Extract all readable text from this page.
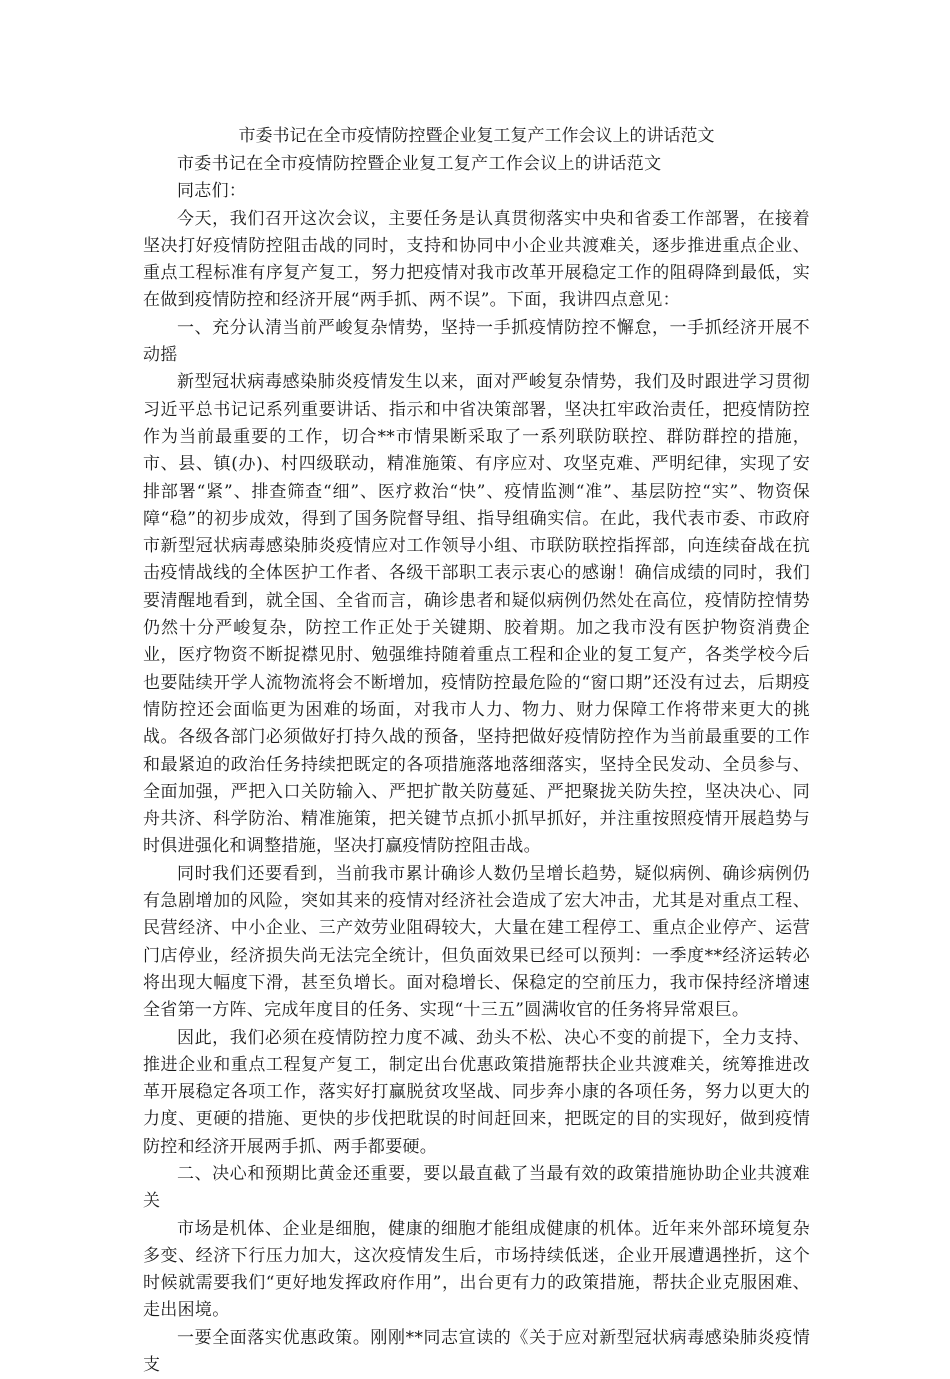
市委书记在全市疫情防控暨企业复工复产工作会议上的讲话范文

市委书记在全市疫情防控暨企业复工复产工作会议上的讲话范文

同志们：

今天，我们召开这次会议，主要任务是认真贯彻落实中央和省委工作部署，在接着坚决打好疫情防控阻击战的同时，支持和协同中小企业共渡难关，逐步推进重点企业、重点工程标准有序复产复工，努力把疫情对我市改革开展稳定工作的阻碍降到最低，实在做到疫情防控和经济开展“两手抓、两不误”。下面，我讲四点意见：

一、充分认清当前严峻复杂情势，坚持一手抓疫情防控不懈怠，一手抓经济开展不动摇

新型冠状病毒感染肺炎疫情发生以来，面对严峻复杂情势，我们及时跟进学习贯彻习近平总书记记系列重要讲话、指示和中省决策部署，坚决扛牢政治责任，把疫情防控作为当前最重要的工作，切合**市情果断采取了一系列联防联控、群防群控的措施，市、县、镇(办)、村四级联动，精准施策、有序应对、攻坚克难、严明纪律，实现了安排部署“紧”、排查筛查“细”、医疗救治“快”、疫情监测“准”、基层防控“实”、物资保障“稳”的初步成效，得到了国务院督导组、指导组确实信。在此，我代表市委、市政府市新型冠状病毒感染肺炎疫情应对工作领导小组、市联防联控指挥部，向连续奋战在抗击疫情战线的全体医护工作者、各级干部职工表示衷心的感谢！确信成绩的同时，我们要清醒地看到，就全国、全省而言，确诊患者和疑似病例仍然处在高位，疫情防控情势仍然十分严峻复杂，防控工作正处于关键期、胶着期。加之我市没有医护物资消费企业，医疗物资不断捉襟见肘、勉强维持随着重点工程和企业的复工复产，各类学校今后也要陆续开学人流物流将会不断增加，疫情防控最危险的“窗口期”还没有过去，后期疫情防控还会面临更为困难的场面，对我市人力、物力、财力保障工作将带来更大的挑战。各级各部门必须做好打持久战的预备，坚持把做好疫情防控作为当前最重要的工作和最紧迫的政治任务持续把既定的各项措施落地落细落实，坚持全民发动、全员参与、全面加强，严把入口关防输入、严把扩散关防蔓延、严把聚拢关防失控，坚决决心、同舟共济、科学防治、精准施策，把关键节点抓小抓早抓好，并注重按照疫情开展趋势与时俱进强化和调整措施，坚决打赢疫情防控阻击战。

同时我们还要看到，当前我市累计确诊人数仍呈增长趋势，疑似病例、确诊病例仍有急剧增加的风险，突如其来的疫情对经济社会造成了宏大冲击，尤其是对重点工程、民营经济、中小企业、三产效劳业阻碍较大，大量在建工程停工、重点企业停产、运营门店停业，经济损失尚无法完全统计，但负面效果已经可以预判：一季度**经济运转必将出现大幅度下滑，甚至负增长。面对稳增长、保稳定的空前压力，我市保持经济增速全省第一方阵、完成年度目的任务、实现“十三五”圆满收官的任务将异常艰巨。

因此，我们必须在疫情防控力度不减、劲头不松、决心不变的前提下，全力支持、推进企业和重点工程复产复工，制定出台优惠政策措施帮扶企业共渡难关，统筹推进改革开展稳定各项工作，落实好打赢脱贫攻坚战、同步奔小康的各项任务，努力以更大的力度、更硬的措施、更快的步伐把耽误的时间赶回来，把既定的目的实现好，做到疫情防控和经济开展两手抓、两手都要硬。

二、决心和预期比黄金还重要，要以最直截了当最有效的政策措施协助企业共渡难关

市场是机体、企业是细胞，健康的细胞才能组成健康的机体。近年来外部环境复杂多变、经济下行压力加大，这次疫情发生后，市场持续低迷，企业开展遭遇挫折，这个时候就需要我们“更好地发挥政府作用”，出台更有力的政策措施，帮扶企业克服困难、走出困境。

一要全面落实优惠政策。刚刚**同志宣读的《关于应对新型冠状病毒感染肺炎疫情支
